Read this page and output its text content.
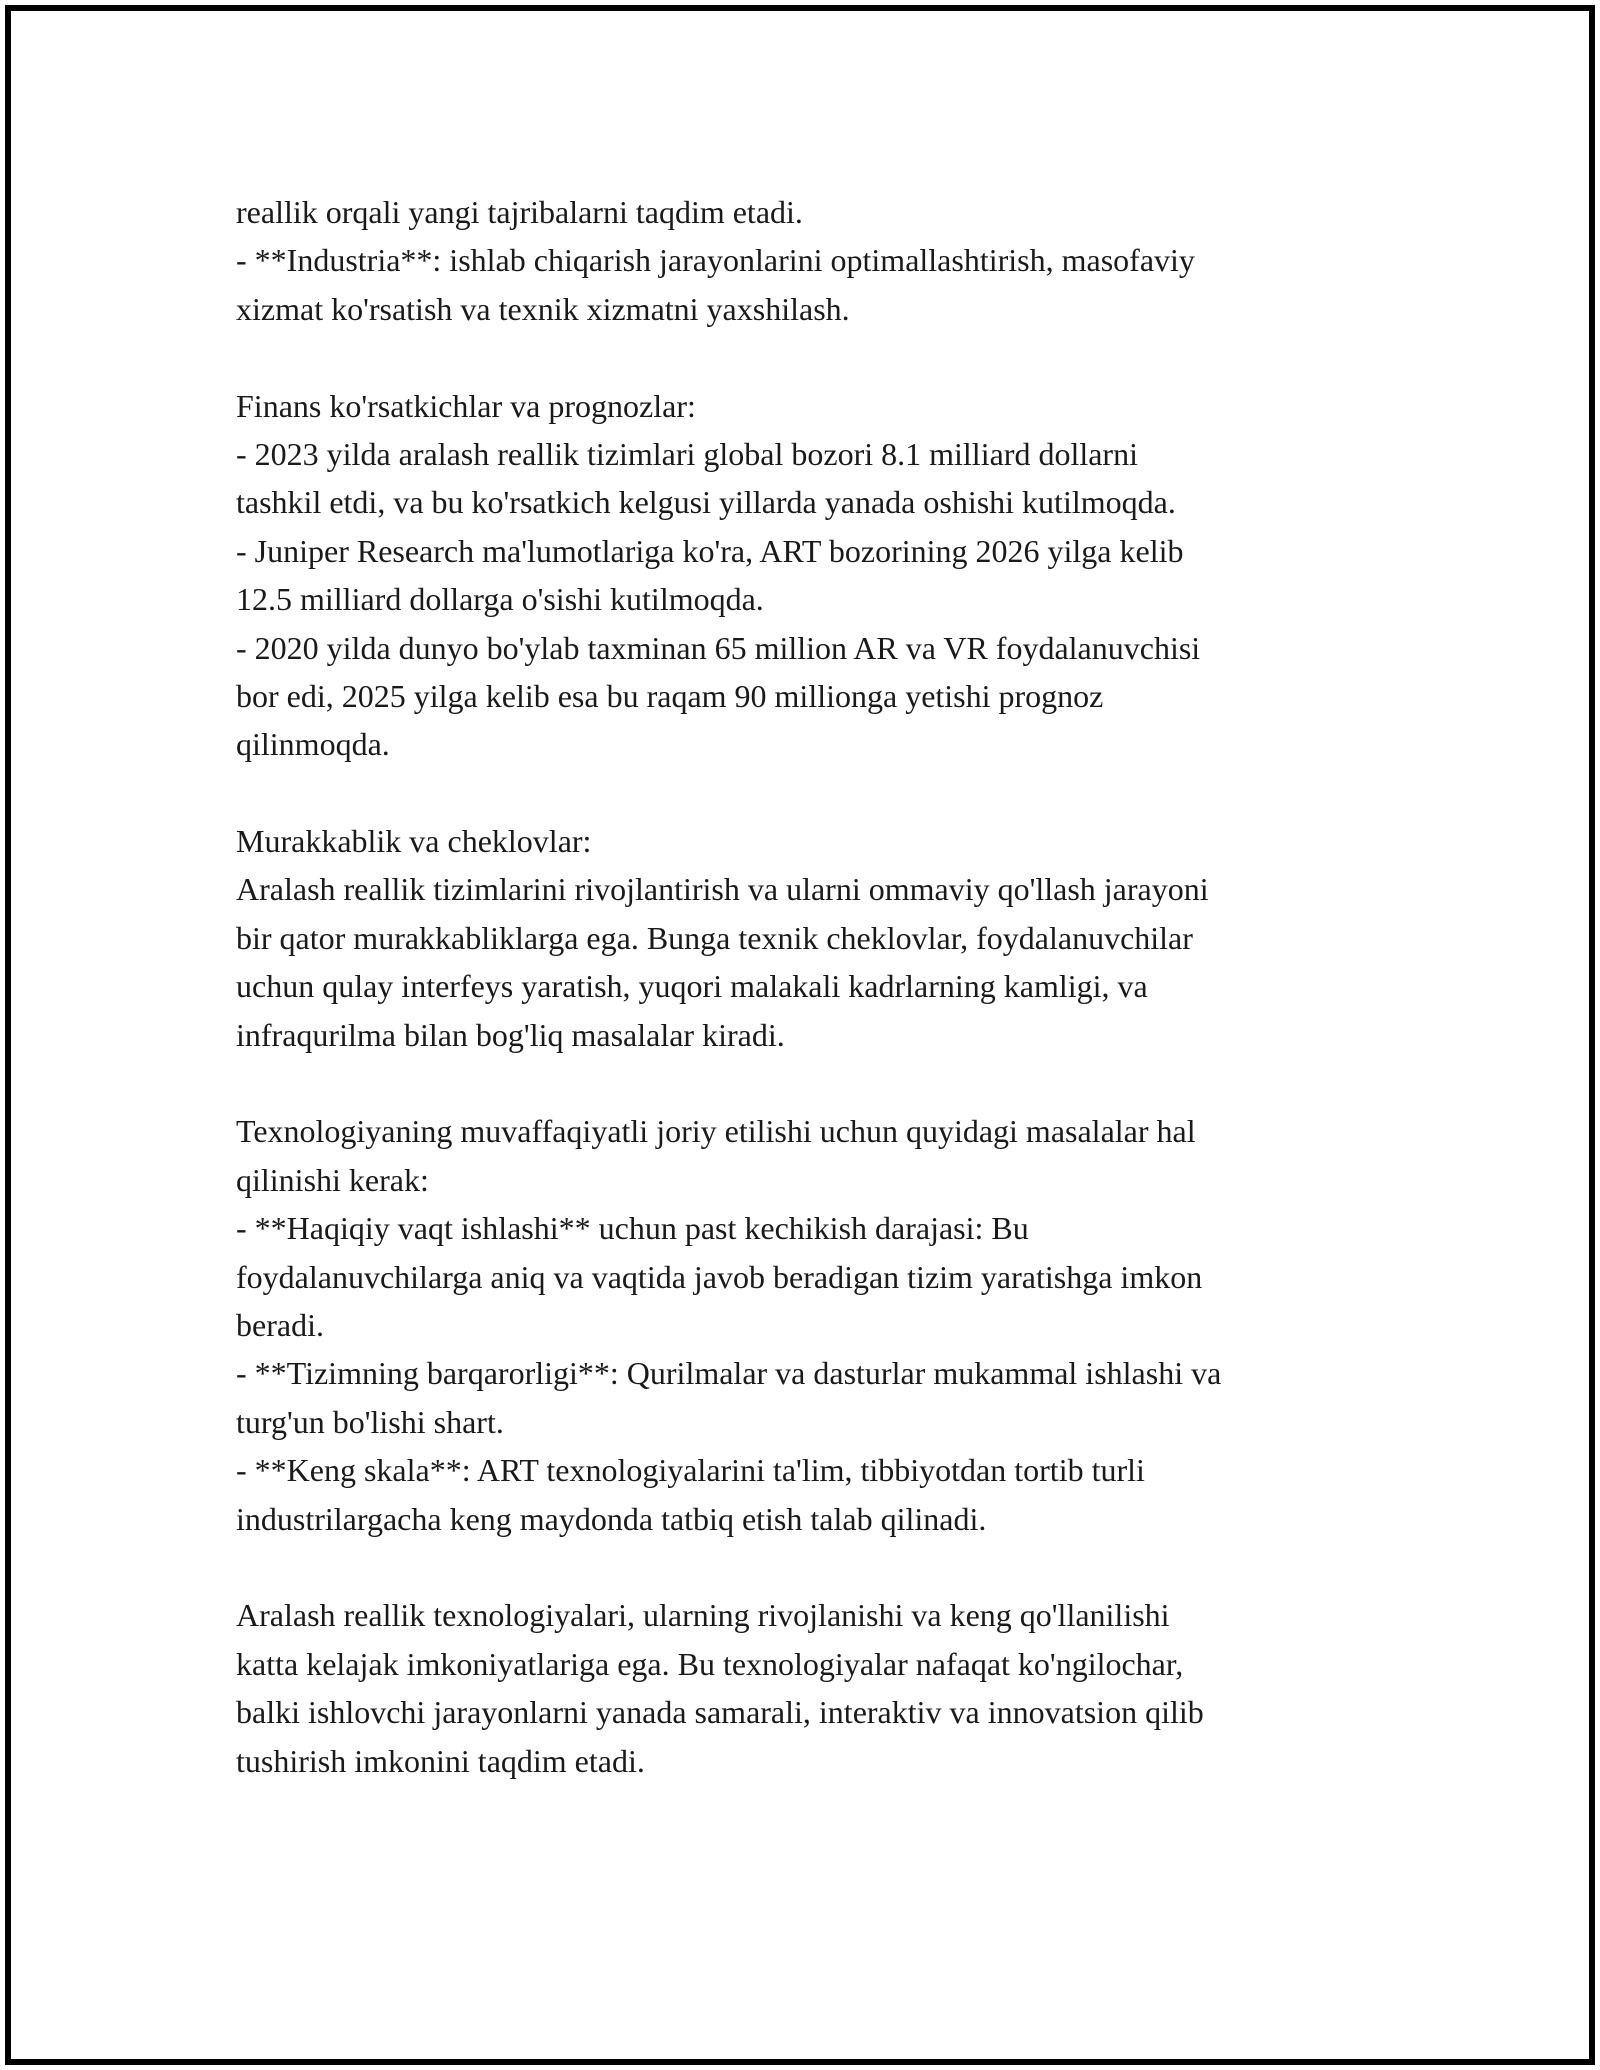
reallik orqali yangi tajribalarni taqdim etadi.
- **Industria**: ishlab chiqarish jarayonlarini optimallashtirish, masofaviy
xizmat ko'rsatish va texnik xizmatni yaxshilash.
Finans ko'rsatkichlar va prognozlar:
- 2023 yilda aralash reallik tizimlari global bozori 8.1 milliard dollarni
tashkil etdi, va bu ko'rsatkich kelgusi yillarda yanada oshishi kutilmoqda.
- Juniper Research ma'lumotlariga ko'ra, ART bozorining 2026 yilga kelib
12.5 milliard dollarga o'sishi kutilmoqda.
- 2020 yilda dunyo bo'ylab taxminan 65 million AR va VR foydalanuvchisi
bor edi, 2025 yilga kelib esa bu raqam 90 millionga yetishi prognoz
qilinmoqda.
Murakkablik va cheklovlar:
Aralash reallik tizimlarini rivojlantirish va ularni ommaviy qo'llash jarayoni
bir qator murakkabliklarga ega. Bunga texnik cheklovlar, foydalanuvchilar
uchun qulay interfeys yaratish, yuqori malakali kadrlarning kamligi, va
infraqurilma bilan bog'liq masalalar kiradi.
Texnologiyaning muvaffaqiyatli joriy etilishi uchun quyidagi masalalar hal
qilinishi kerak:
- **Haqiqiy vaqt ishlashi** uchun past kechikish darajasi: Bu
foydalanuvchilarga aniq va vaqtida javob beradigan tizim yaratishga imkon
beradi.
- **Tizimning barqarorligi**: Qurilmalar va dasturlar mukammal ishlashi va
turg'un bo'lishi shart.
- **Keng skala**: ART texnologiyalarini ta'lim, tibbiyotdan tortib turli
industrilargacha keng maydonda tatbiq etish talab qilinadi.
Aralash reallik texnologiyalari, ularning rivojlanishi va keng qo'llanilishi
katta kelajak imkoniyatlariga ega. Bu texnologiyalar nafaqat ko'ngilochar,
balki ishlovchi jarayonlarni yanada samarali, interaktiv va innovatsion qilib
tushirish imkonini taqdim etadi.
